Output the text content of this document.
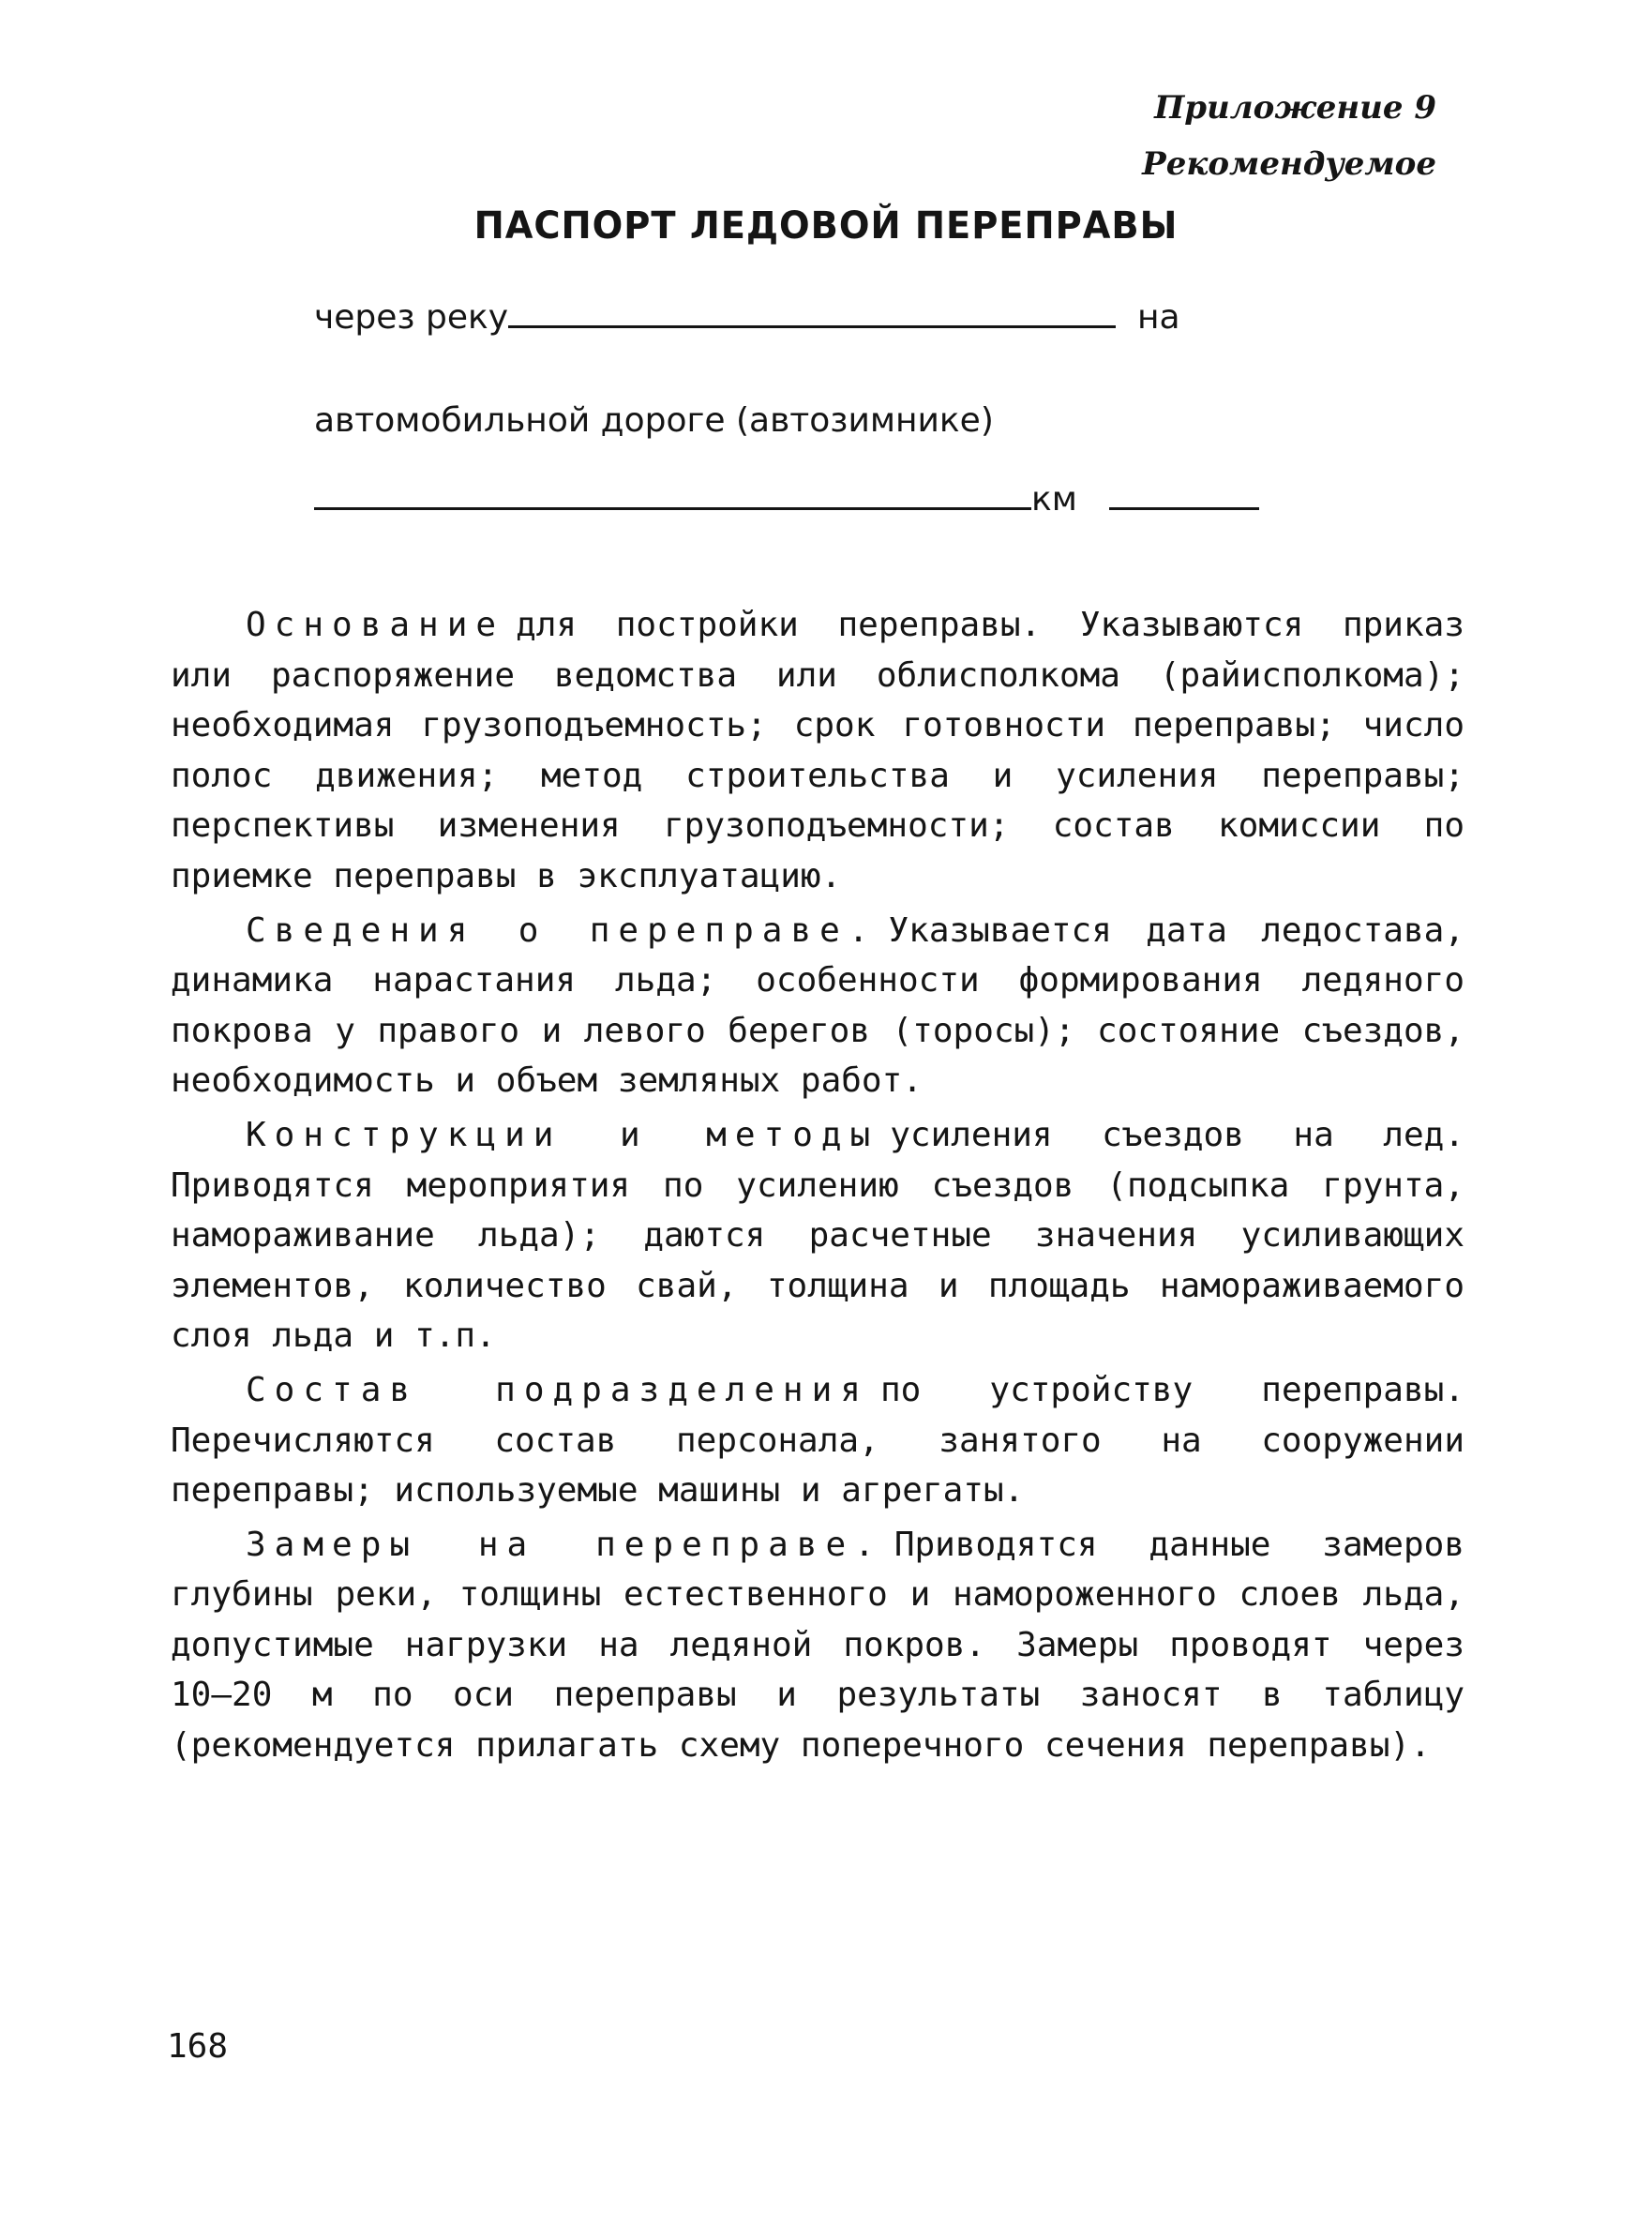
Приложение 9
Рекомендуемое
ПАСПОРТ ЛЕДОВОЙ ПЕРЕПРАВЫ
через реку	на
автомобильной дороге (автозимнике)
км

Основание для постройки переправы. Указываются приказ или распоряжение ведомства или облисполкома (райисполкома); необходимая грузоподъемность; срок готовности переправы; число полос движения; метод строительства и усиления переправы; перспективы изменения грузоподъемности; состав комиссии по приемке переправы в эксплуатацию.

Сведения о переправе. Указывается дата ледостава, динамика нарастания льда; особенности формирования ледяного покрова у правого и левого берегов (торосы); состояние съездов, необходимость и объем земляных работ.

Конструкции и методы усиления съездов на лед. Приводятся мероприятия по усилению съездов (подсыпка грунта, намораживание льда); даются расчетные значения усиливающих элементов, количество свай, толщина и площадь намораживаемого слоя льда и т.п.

Состав подразделения по устройству переправы. Перечисляются состав персонала, занятого на сооружении переправы; используемые машины и агрегаты.

Замеры на переправе. Приводятся данные замеров глубины реки, толщины естественного и намороженного слоев льда, допустимые нагрузки на ледяной покров. Замеры проводят через 10–20 м по оси переправы и результаты заносят в таблицу (рекомендуется прилагать схему поперечного сечения переправы).

168
